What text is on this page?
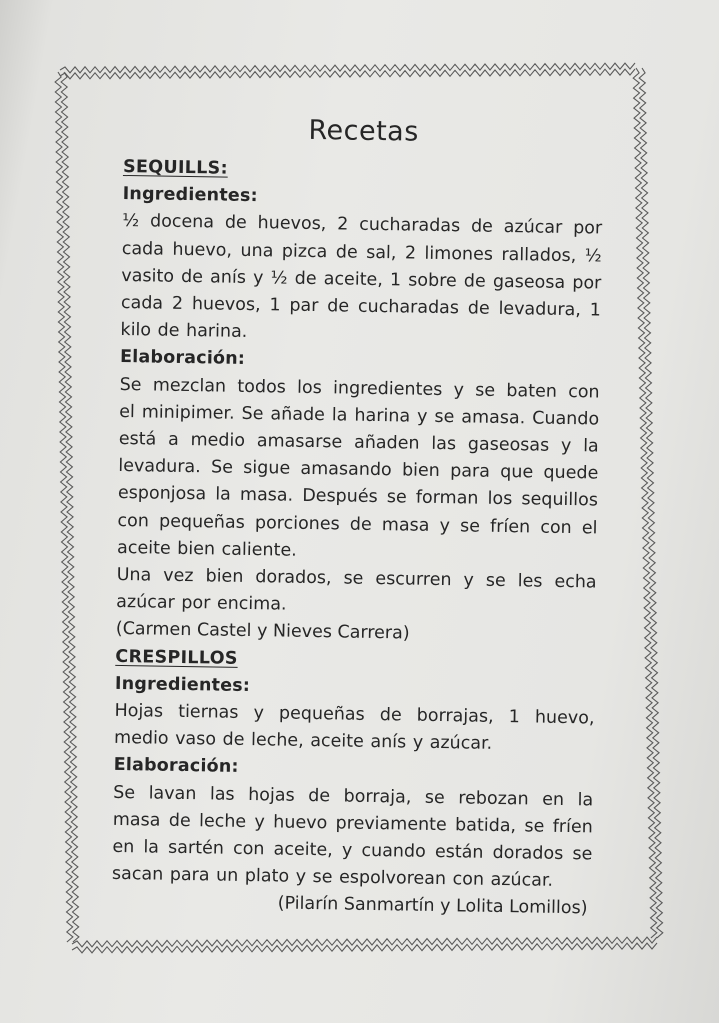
Recetas
SEQUILLS:
Ingredientes:
½ docena de huevos, 2 cucharadas de azúcar por
cada huevo, una pizca de sal, 2 limones rallados, ½
vasito de anís y ½ de aceite, 1 sobre de gaseosa por
cada 2 huevos, 1 par de cucharadas de levadura, 1
kilo de harina.
Elaboración:
Se mezclan todos los ingredientes y se baten con
el minipimer. Se añade la harina y se amasa. Cuando
está a medio amasarse añaden las gaseosas y la
levadura. Se sigue amasando bien para que quede
esponjosa la masa. Después se forman los sequillos
con pequeñas porciones de masa y se fríen con el
aceite bien caliente.
Una vez bien dorados, se escurren y se les echa
azúcar por encima.
(Carmen Castel y Nieves Carrera)
CRESPILLOS
Ingredientes:
Hojas tiernas y pequeñas de borrajas, 1 huevo,
medio vaso de leche, aceite anís y azúcar.
Elaboración:
Se lavan las hojas de borraja, se rebozan en la
masa de leche y huevo previamente batida, se fríen
en la sartén con aceite, y cuando están dorados se
sacan para un plato y se espolvorean con azúcar.
(Pilarín Sanmartín y Lolita Lomillos)
